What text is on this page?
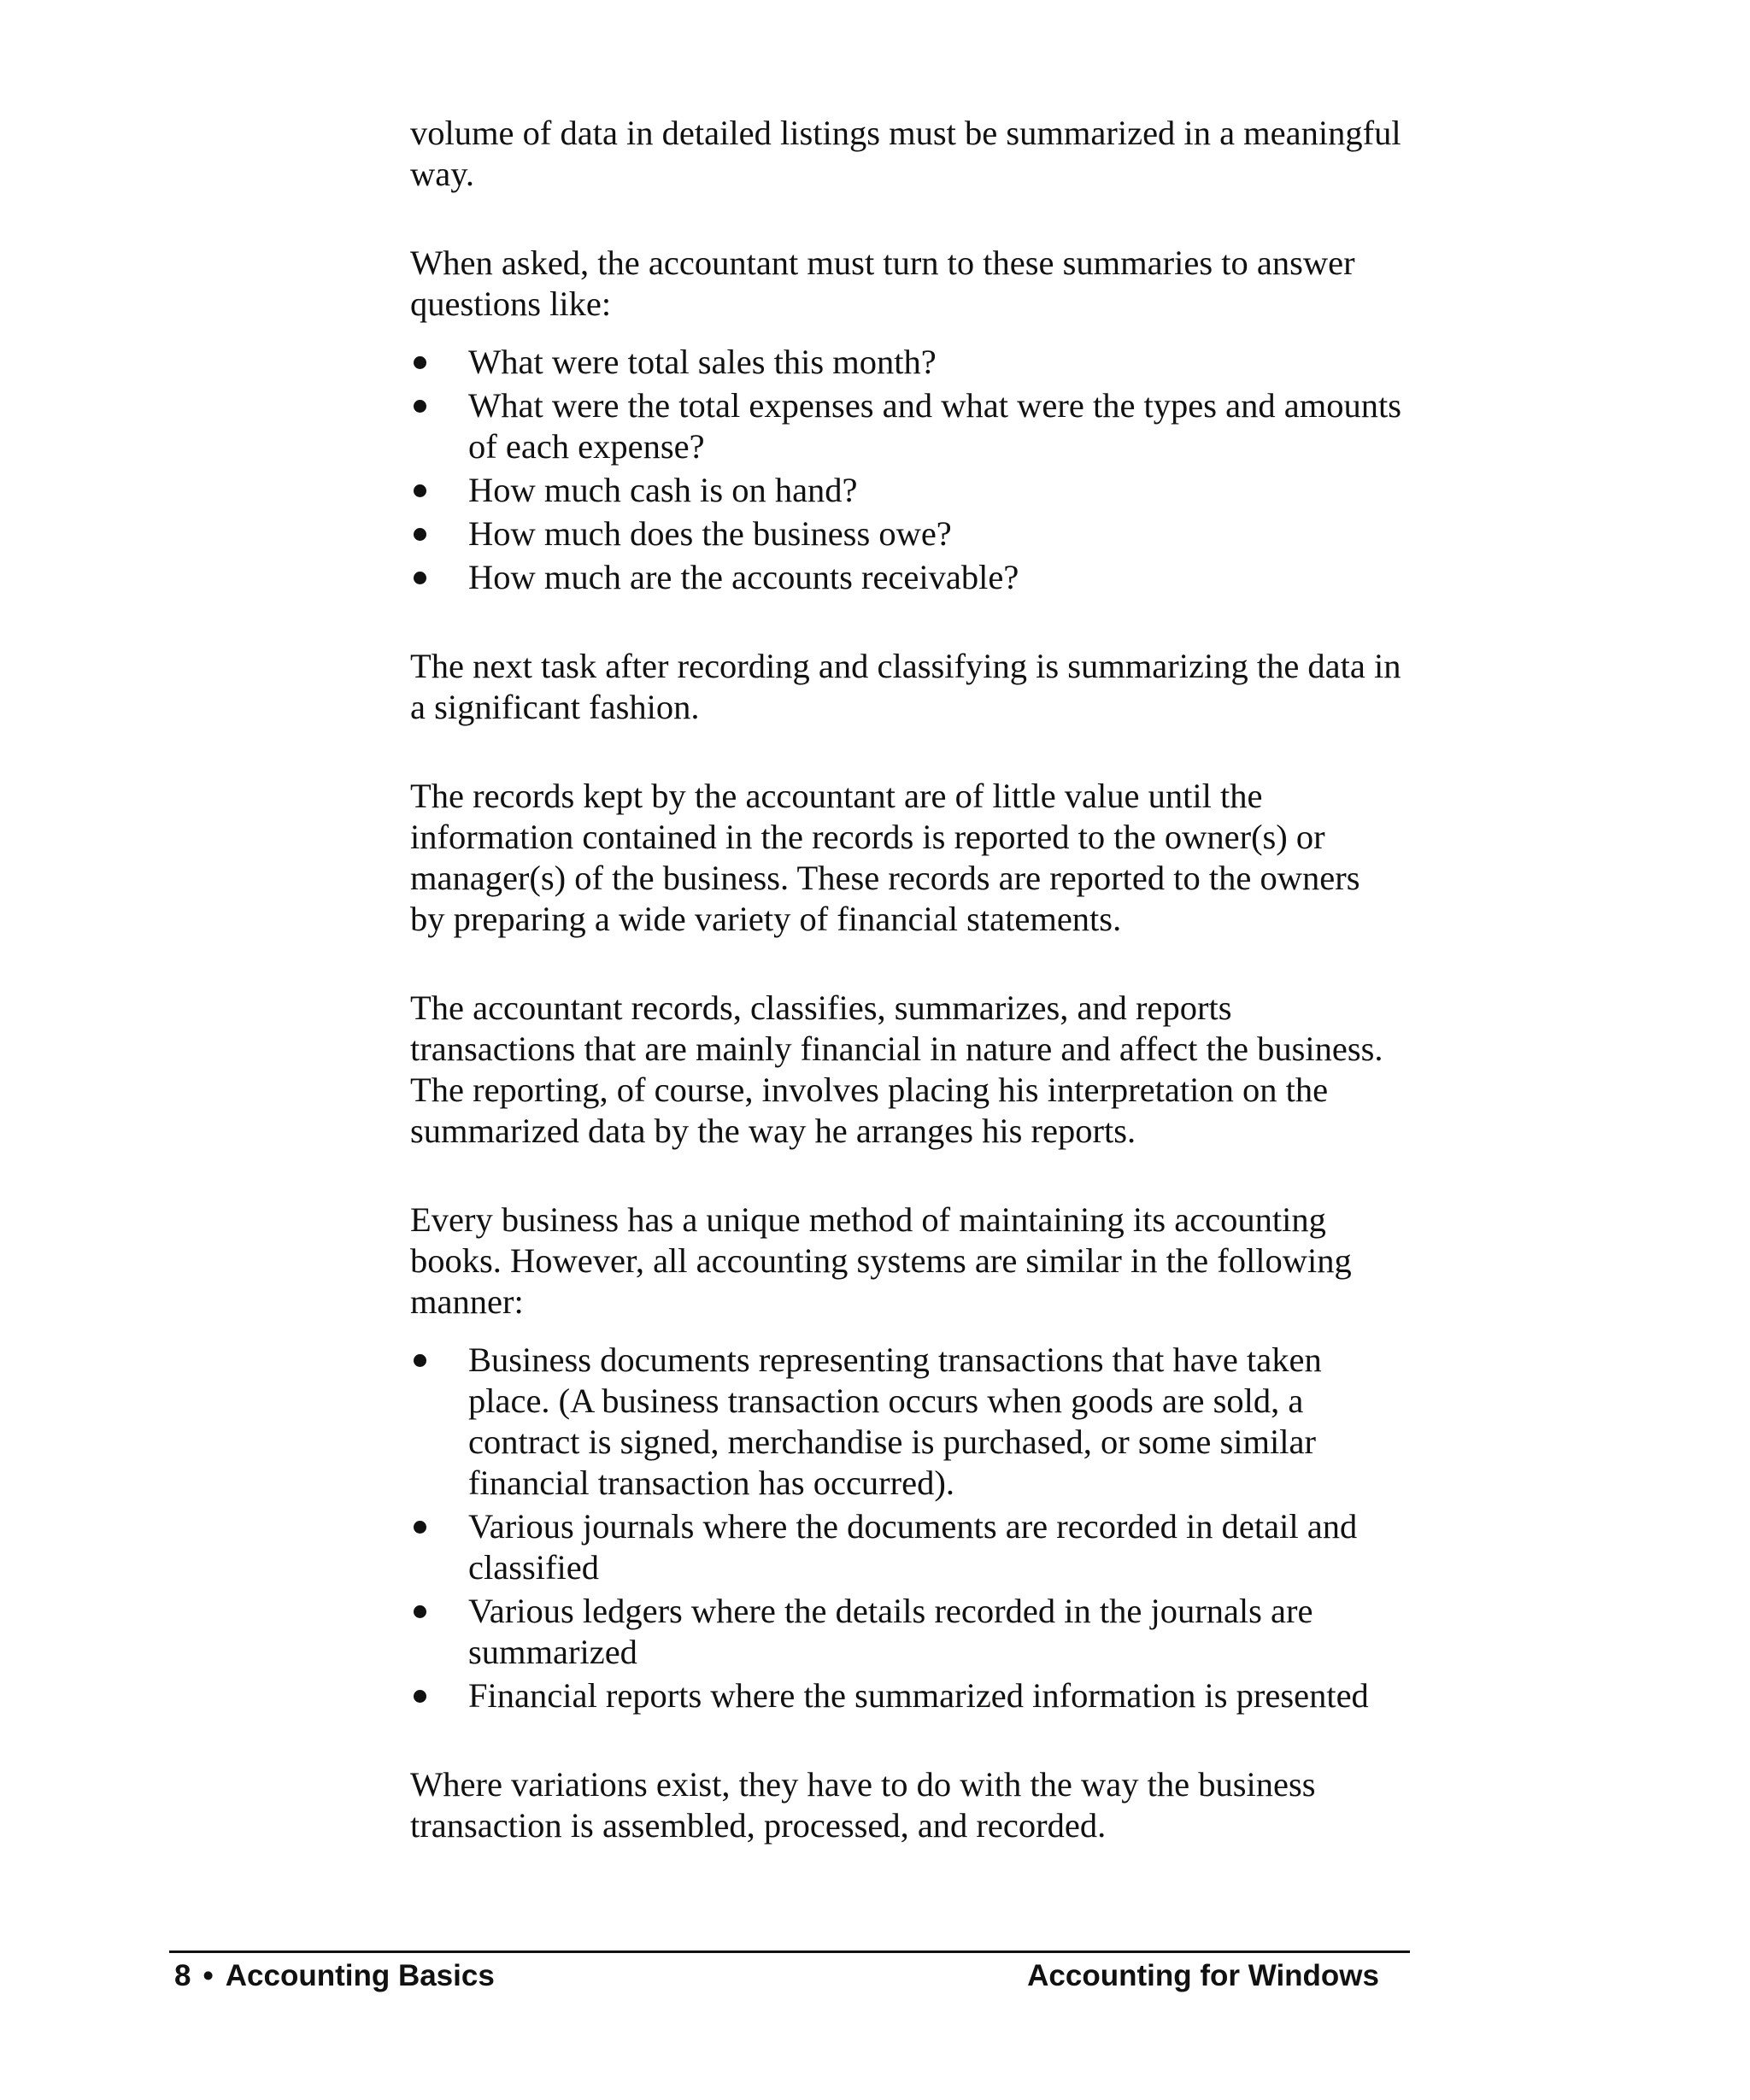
volume of data in detailed listings must be summarized in a meaningful way.

When asked, the accountant must turn to these summaries to answer questions like:

What were total sales this month?
What were the total expenses and what were the types and amounts of each expense?
How much cash is on hand?
How much does the business owe?
How much are the accounts receivable?

The next task after recording and classifying is summarizing the data in a significant fashion.

The records kept by the accountant are of little value until the information contained in the records is reported to the owner(s) or manager(s) of the business. These records are reported to the owners by preparing a wide variety of financial statements.

The accountant records, classifies, summarizes, and reports transactions that are mainly financial in nature and affect the business. The reporting, of course, involves placing his interpretation on the summarized data by the way he arranges his reports.

Every business has a unique method of maintaining its accounting books. However, all accounting systems are similar in the following manner:

Business documents representing transactions that have taken place. (A business transaction occurs when goods are sold, a contract is signed, merchandise is purchased, or some similar financial transaction has occurred).
Various journals where the documents are recorded in detail and classified
Various ledgers where the details recorded in the journals are summarized
Financial reports where the summarized information is presented

Where variations exist, they have to do with the way the business transaction is assembled, processed, and recorded.

8 • Accounting Basics	Accounting for Windows
